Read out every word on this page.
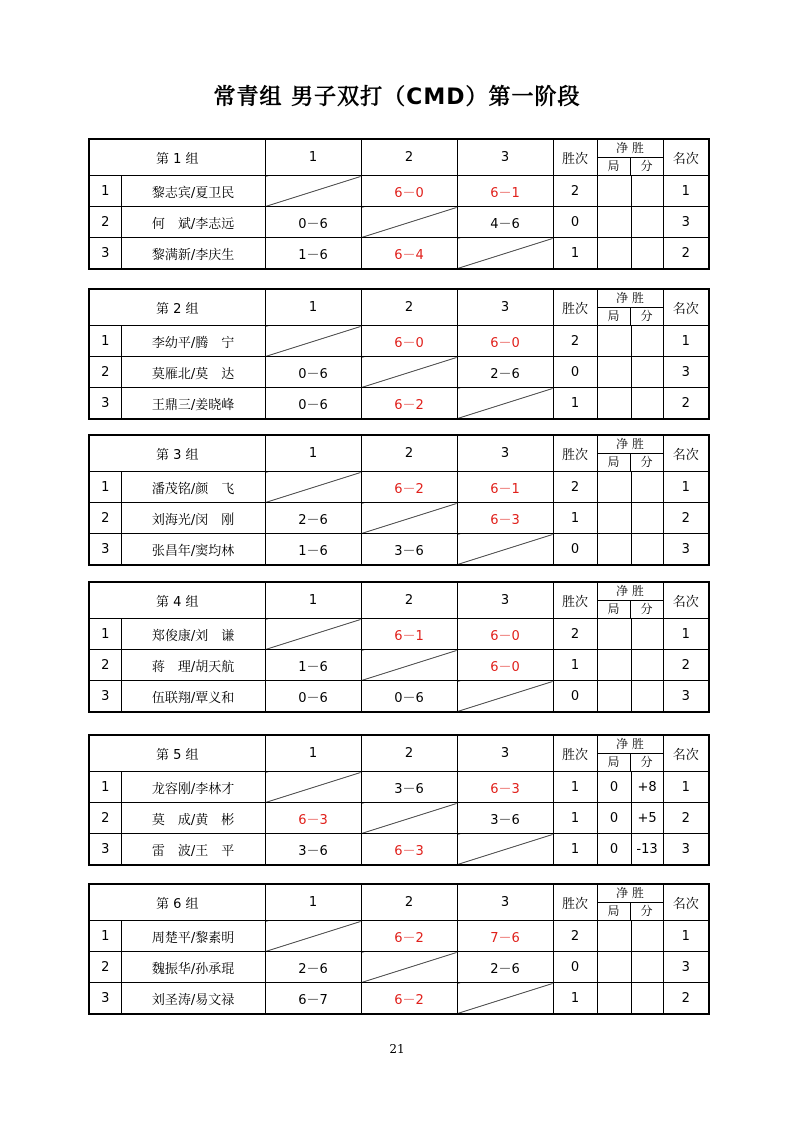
常青组 男子双打（CMD）第一阶段
第 1 组		1	2	3	胜次	净 胜
局 分		名次
1	黎志宾/夏卫民		6－0	6－1	2			1
2	何　斌/李志远	0－6		4－6	0			3
3	黎满新/李庆生	1－6	6－4		1			2
第 2 组		1	2	3	胜次	净 胜
局 分		名次
1	李幼平/腾　宁		6－0	6－0	2			1
2	莫雁北/莫　达	0－6		2－6	0			3
3	王鼎三/姜晓峰	0－6	6－2		1			2
第 3 组		1	2	3	胜次	净 胜
局 分		名次
1	潘茂铭/颜　飞		6－2	6－1	2			1
2	刘海光/闵　刚	2－6		6－3	1			2
3	张昌年/窦均林	1－6	3－6		0			3
第 4 组		1	2	3	胜次	净 胜
局 分		名次
1	郑俊康/刘　谦		6－1	6－0	2			1
2	蒋　理/胡天航	1－6		6－0	1			2
3	伍联翔/覃义和	0－6	0－6		0			3
第 5 组		1	2	3	胜次	净 胜
局 分		名次
1	龙容刚/李林才		3－6	6－3	1	0	+8	1
2	莫　成/黄　彬	6－3		3－6	1	0	+5	2
3	雷　波/王　平	3－6	6－3		1	0	-13	3
第 6 组		1	2	3	胜次	净 胜
局 分		名次
1	周楚平/黎素明		6－2	7－6	2			1
2	魏振华/孙承琨	2－6		2－6	0			3
3	刘圣涛/易文禄	6－7	6－2		1			2
21
